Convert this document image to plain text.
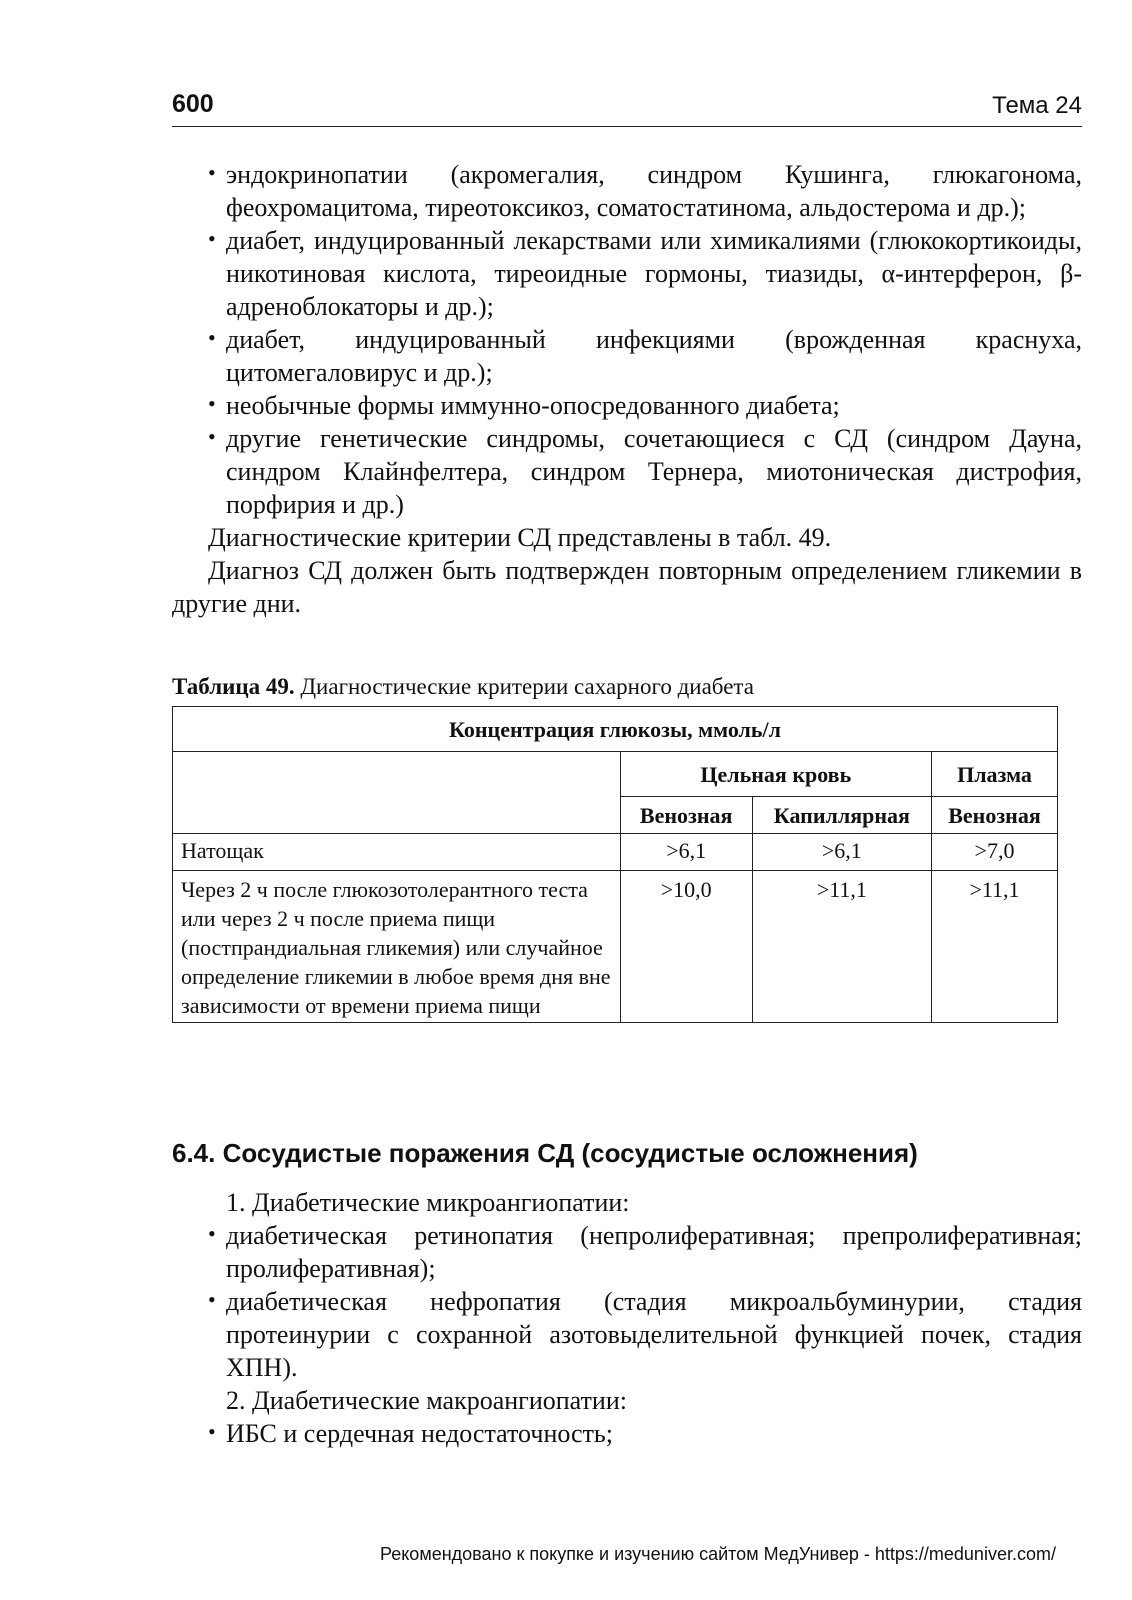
600	Тема 24
• эндокринопатии (акромегалия, синдром Кушинга, глюкагонома, феохромацитома, тиреотоксикоз, соматостатинома, альдостерома и др.);
• диабет, индуцированный лекарствами или химикалиями (глюкокортикоиды, никотиновая кислота, тиреоидные гормоны, тиазиды, α-интерферон, β-адреноблокаторы и др.);
• диабет, индуцированный инфекциями (врожденная краснуха, цитомегаловирус и др.);
• необычные формы иммунно-опосредованного диабета;
• другие генетические синдромы, сочетающиеся с СД (синдром Дауна, синдром Клайнфелтера, синдром Тернера, миотоническая дистрофия, порфирия и др.)

Диагностические критерии СД представлены в табл. 49.

Диагноз СД должен быть подтвержден повторным определением гликемии в другие дни.

Таблица 49. Диагностические критерии сахарного диабета
Концентрация глюкозы, ммоль/л			
	Цельная кровь		Плазма
	Венозная	Капиллярная	Венозная
Натощак	>6,1	>6,1	>7,0
Через 2 ч после глюкозотолерантного теста или через 2 ч после приема пищи (постпрандиальная гликемия) или случайное определение гликемии в любое время дня вне зависимости от времени приема пищи	>10,0	>11,1	>11,1
6.4. Сосудистые поражения СД (сосудистые осложнения)

1. Диабетические микроангиопатии:

• диабетическая ретинопатия (непролиферативная; препролиферативная; пролиферативная);
• диабетическая нефропатия (стадия микроальбуминурии, стадия протеинурии с сохранной азотовыделительной функцией почек, стадия ХПН).

2. Диабетические макроангиопатии:

• ИБС и сердечная недостаточность;
Рекомендовано к покупке и изучению сайтом МедУнивер - https://meduniver.com/
